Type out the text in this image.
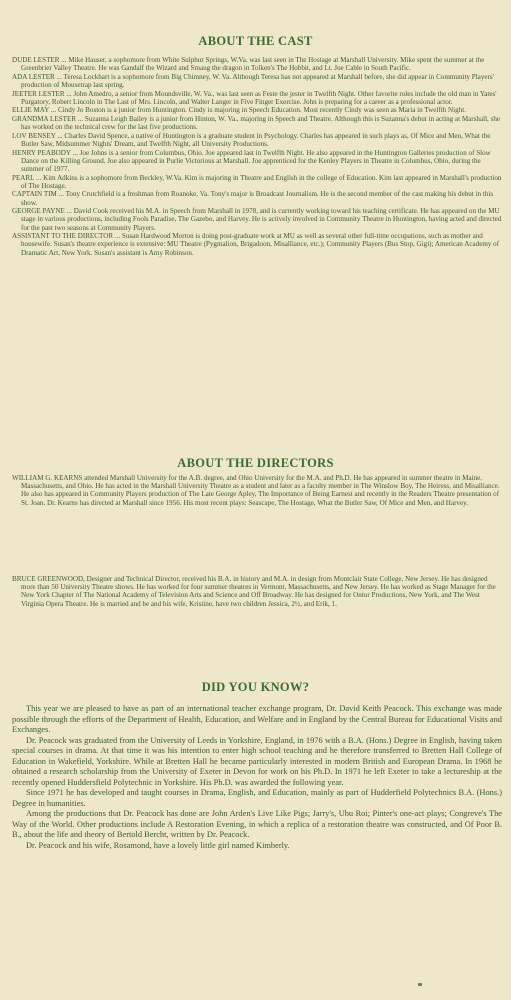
ABOUT THE CAST

DUDE LESTER ... Mike Hauser, a sophomore from White Sulphur Springs, W.Va. was last seen in The Hostage at Marshall University. Mike spent the summer at the Greenbrier Valley Theatre. He was Gandalf the Wizard and Smaug the dragon in Tolken's The Hobbit, and Lt. Joe Cable in South Pacific.

ADA LESTER ... Teresa Lockhart is a sophomore from Big Chimney, W. Va. Although Teresa has not appeared at Marshall before, she did appear in Community Players' production of Mousetrap last spring.

JEETER LESTER ... John Amedro, a senior from Moundsville, W. Va., was last seen as Feste the jester in Twelfth Night. Other favorite roles include the old man in Yates' Purgatory, Robert Lincoln in The Last of Mrs. Lincoln, and Walter Langer in Five Finger Exercise. John is preparing for a career as a professional actor.

ELLIE MAY ... Cindy Jo Boston is a junior from Huntington. Cindy is majoring in Speech Education. Most recently Cindy was seen as Maria in Twelfth Night.

GRANDMA LESTER ... Suzanna Leigh Bailey is a junior from Hinton, W. Va., majoring in Speech and Theatre. Although this is Suzanna's debut in acting at Marshall, she has worked on the technical crew for the last five productions.

LOV BENSEY ... Charles David Spence, a native of Huntington is a graduate student in Psychology. Charles has appeared in such plays as, Of Mice and Men, What the Butler Saw, Midsummer Nights' Dream, and Twelfth Night, all University Productions.

HENRY PEABODY ... Joe Johns is a senior from Columbus, Ohio. Joe appeared last in Twelfth Night. He also appeared in the Huntington Galleries production of Slow Dance on the Killing Ground. Joe also appeared in Purlie Victorious at Marshall. Joe apprenticed for the Kenley Players in Theatre in Columbus, Ohio, during the summer of 1977.

PEARL ... Kim Adkins is a sophomore from Beckley, W.Va. Kim is majoring in Theatre and English in the college of Education. Kim last appeared in Marshall's production of The Hostage.

CAPTAIN TIM ... Tony Crutchfield is a freshman from Roanoke, Va. Tony's major is Broadcast Journalism. He is the second member of the cast making his debut in this show.

GEORGE PAYNE ... David Cook received his M.A. in Speech from Marshall in 1978, and is currently working toward his teaching certificate. He has appeared on the MU stage in various productions, including Fools Paradise, The Gazebo, and Harvey. He is actively involved in Community Theatre in Huntington, having acted and directed for the past two seasons at Community Players.

ASSISTANT TO THE DIRECTOR ... Susan Hardwood Morton is doing post-graduate work at MU as well as several other full-time occupations, such as mother and housewife. Susan's theatre experience is extensive: MU Theatre (Pygmalion, Brigadoon, Misalliance, etc.); Community Players (Bus Stop, Gigi); American Academy of Dramatic Art, New York. Susan's assistant is Amy Robinson.

ABOUT THE DIRECTORS

WILLIAM G. KEARNS attended Marshall University for the A.B. degree, and Ohio University for the M.A. and Ph.D. He has appeared in summer theatre in Maine, Massachusetts, and Ohio. He has acted in the Marshall University Theatre as a student and later as a faculty member in The Winslow Boy, The Heiress, and Misalliance. He also has appeared in Community Players production of The Late George Apley, The Importance of Being Earnest and recently in the Readers Theatre presentation of St. Joan. Dr. Kearns has directed at Marshall since 1956. His most recent plays: Seascape, The Hostage, What the Butler Saw, Of Mice and Men, and Harvey.

BRUCE GREENWOOD, Designer and Technical Director, received his B.A. in history and M.A. in design from Montclair State College, New Jersey. He has designed more than 50 University Theatre shows. He has worked for four summer theatres in Vermont, Massachusetts, and New Jersey. He has worked as Stage Manager for the New York Chapter of The National Academy of Television Arts and Science and Off Broadway. He has designed for Ontur Productions, New York, and The West Virginia Opera Theatre. He is married and he and his wife, Kristine, have two children Jessica, 2½, and Erik, 1.

DID YOU KNOW?

This year we are pleased to have as part of an international teacher exchange program, Dr. David Keith Peacock. This exchange was made possible through the efforts of the Department of Health, Education, and Welfare and in England by the Central Bureau for Educational Visits and Exchanges.

Dr. Peacock was graduated from the University of Leeds in Yorkshire, England, in 1976 with a B.A. (Hons.) Degree in English, having taken special courses in drama. At that time it was his intention to enter high school teaching and he therefore transferred to Bretten Hall College of Education in Wakefield, Yorkshire. While at Bretten Hall he became particularly interested in modern British and European Drama. In 1968 he obtained a research scholarship from the University of Exeter in Devon for work on his Ph.D. In 1971 he left Exeter to take a lectureship at the recently opened Huddersfield Polytechnic in Yorkshire. His Ph.D. was awarded the following year.

Since 1971 he has developed and taught courses in Drama, English, and Education, mainly as part of Hudderfield Polytechnics B.A. (Hons.) Degree in humanities.

Among the productions that Dr. Peacock has done are John Arden's Live Like Pigs; Jarry's, Ubu Roi; Pinter's one-act plays; Congreve's The Way of the World. Other productions include A Restoration Evening, in which a replica of a restoration theatre was constructed, and Of Poor B. B., about the life and theory of Bertold Bercht, written by Dr. Peacock.

Dr. Peacock and his wife, Rosamond, have a lovely little girl named Kimberly.
